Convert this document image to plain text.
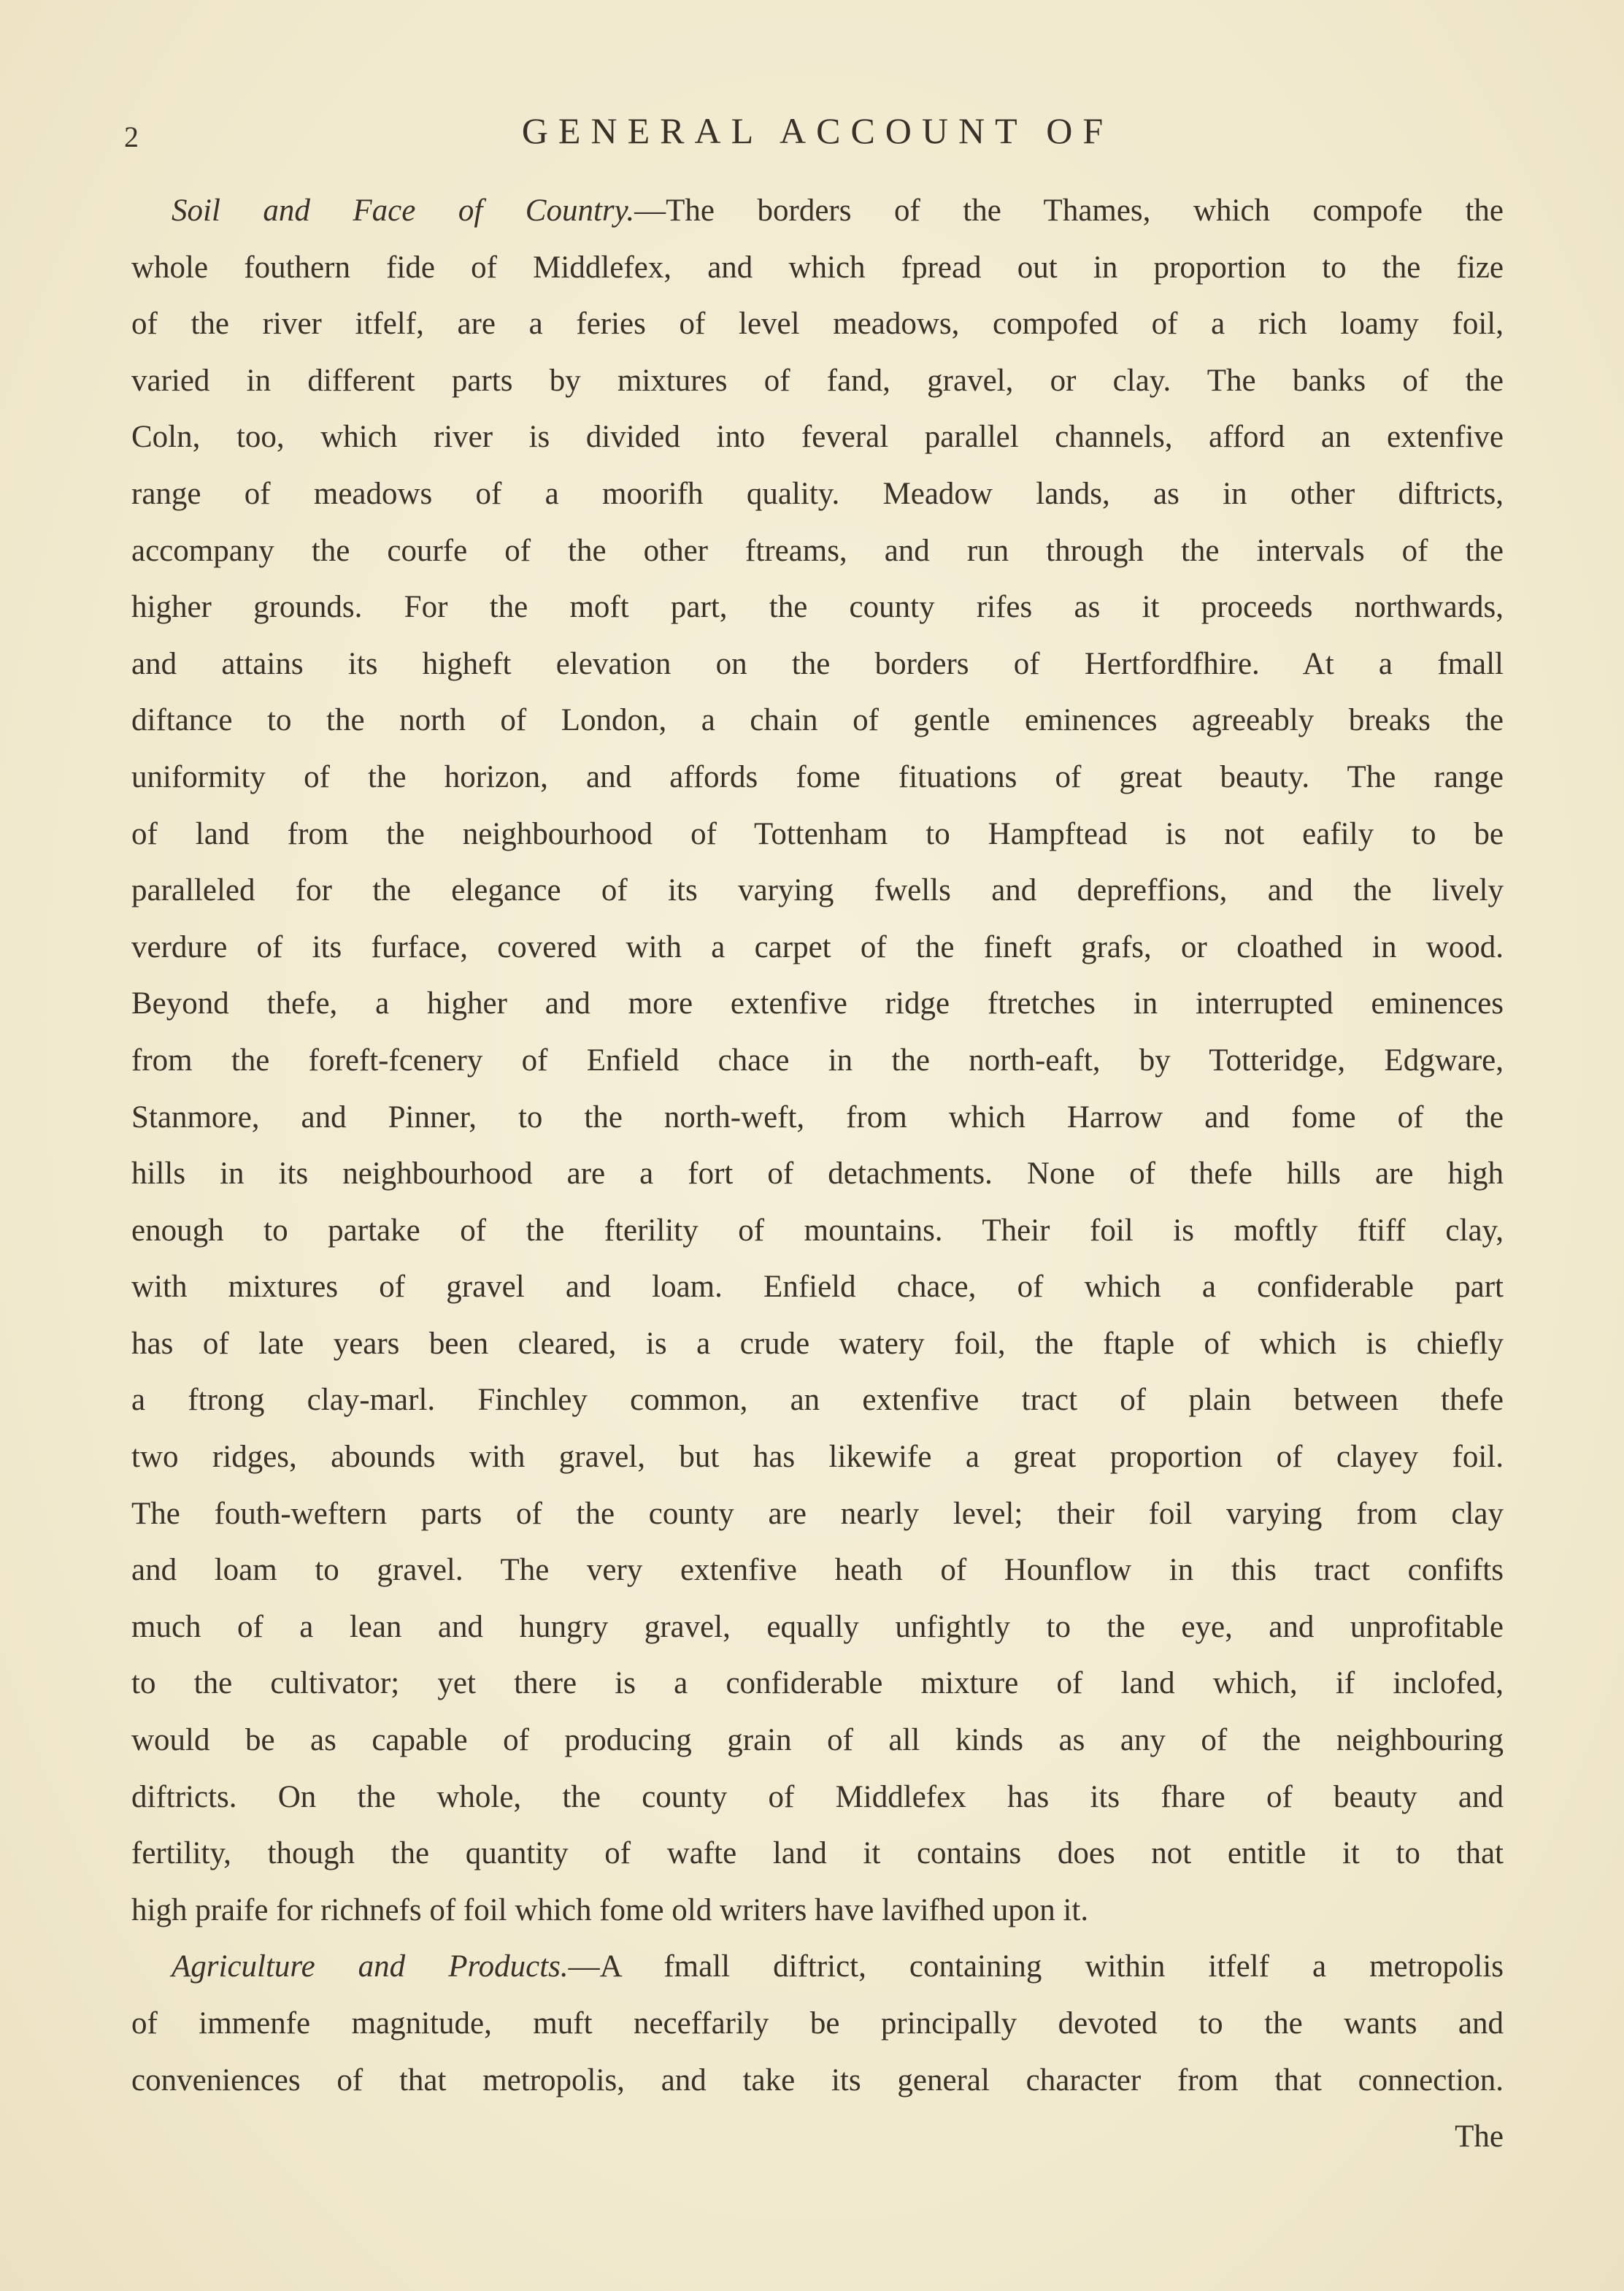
2	GENERAL ACCOUNT OF
Soil and Face of Country.—The borders of the Thames, which compofe the
whole fouthern fide of Middlefex, and which fpread out in proportion to the fize
of the river itfelf, are a feries of level meadows, compofed of a rich loamy foil,
varied in different parts by mixtures of fand, gravel, or clay. The banks of the
Coln, too, which river is divided into feveral parallel channels, afford an extenfive
range of meadows of a moorifh quality. Meadow lands, as in other diftricts,
accompany the courfe of the other ftreams, and run through the intervals of the
higher grounds. For the moft part, the county rifes as it proceeds northwards,
and attains its higheft elevation on the borders of Hertfordfhire. At a fmall
diftance to the north of London, a chain of gentle eminences agreeably breaks the
uniformity of the horizon, and affords fome fituations of great beauty. The range
of land from the neighbourhood of Tottenham to Hampftead is not eafily to be
paralleled for the elegance of its varying fwells and depreffions, and the lively
verdure of its furface, covered with a carpet of the fineft grafs, or cloathed in wood.
Beyond thefe, a higher and more extenfive ridge ftretches in interrupted eminences
from the foreft-fcenery of Enfield chace in the north-eaft, by Totteridge, Edgware,
Stanmore, and Pinner, to the north-weft, from which Harrow and fome of the
hills in its neighbourhood are a fort of detachments. None of thefe hills are high
enough to partake of the fterility of mountains. Their foil is moftly ftiff clay,
with mixtures of gravel and loam. Enfield chace, of which a confiderable part
has of late years been cleared, is a crude watery foil, the ftaple of which is chiefly
a ftrong clay-marl. Finchley common, an extenfive tract of plain between thefe
two ridges, abounds with gravel, but has likewife a great proportion of clayey foil.
The fouth-weftern parts of the county are nearly level; their foil varying from clay
and loam to gravel. The very extenfive heath of Hounflow in this tract confifts
much of a lean and hungry gravel, equally unfightly to the eye, and unprofitable
to the cultivator; yet there is a confiderable mixture of land which, if inclofed,
would be as capable of producing grain of all kinds as any of the neighbouring
diftricts. On the whole, the county of Middlefex has its fhare of beauty and
fertility, though the quantity of wafte land it contains does not entitle it to that
high praife for richnefs of foil which fome old writers have lavifhed upon it.
Agriculture and Products.—A fmall diftrict, containing within itfelf a metropolis
of immenfe magnitude, muft neceffarily be principally devoted to the wants and
conveniences of that metropolis, and take its general character from that connection.
The
